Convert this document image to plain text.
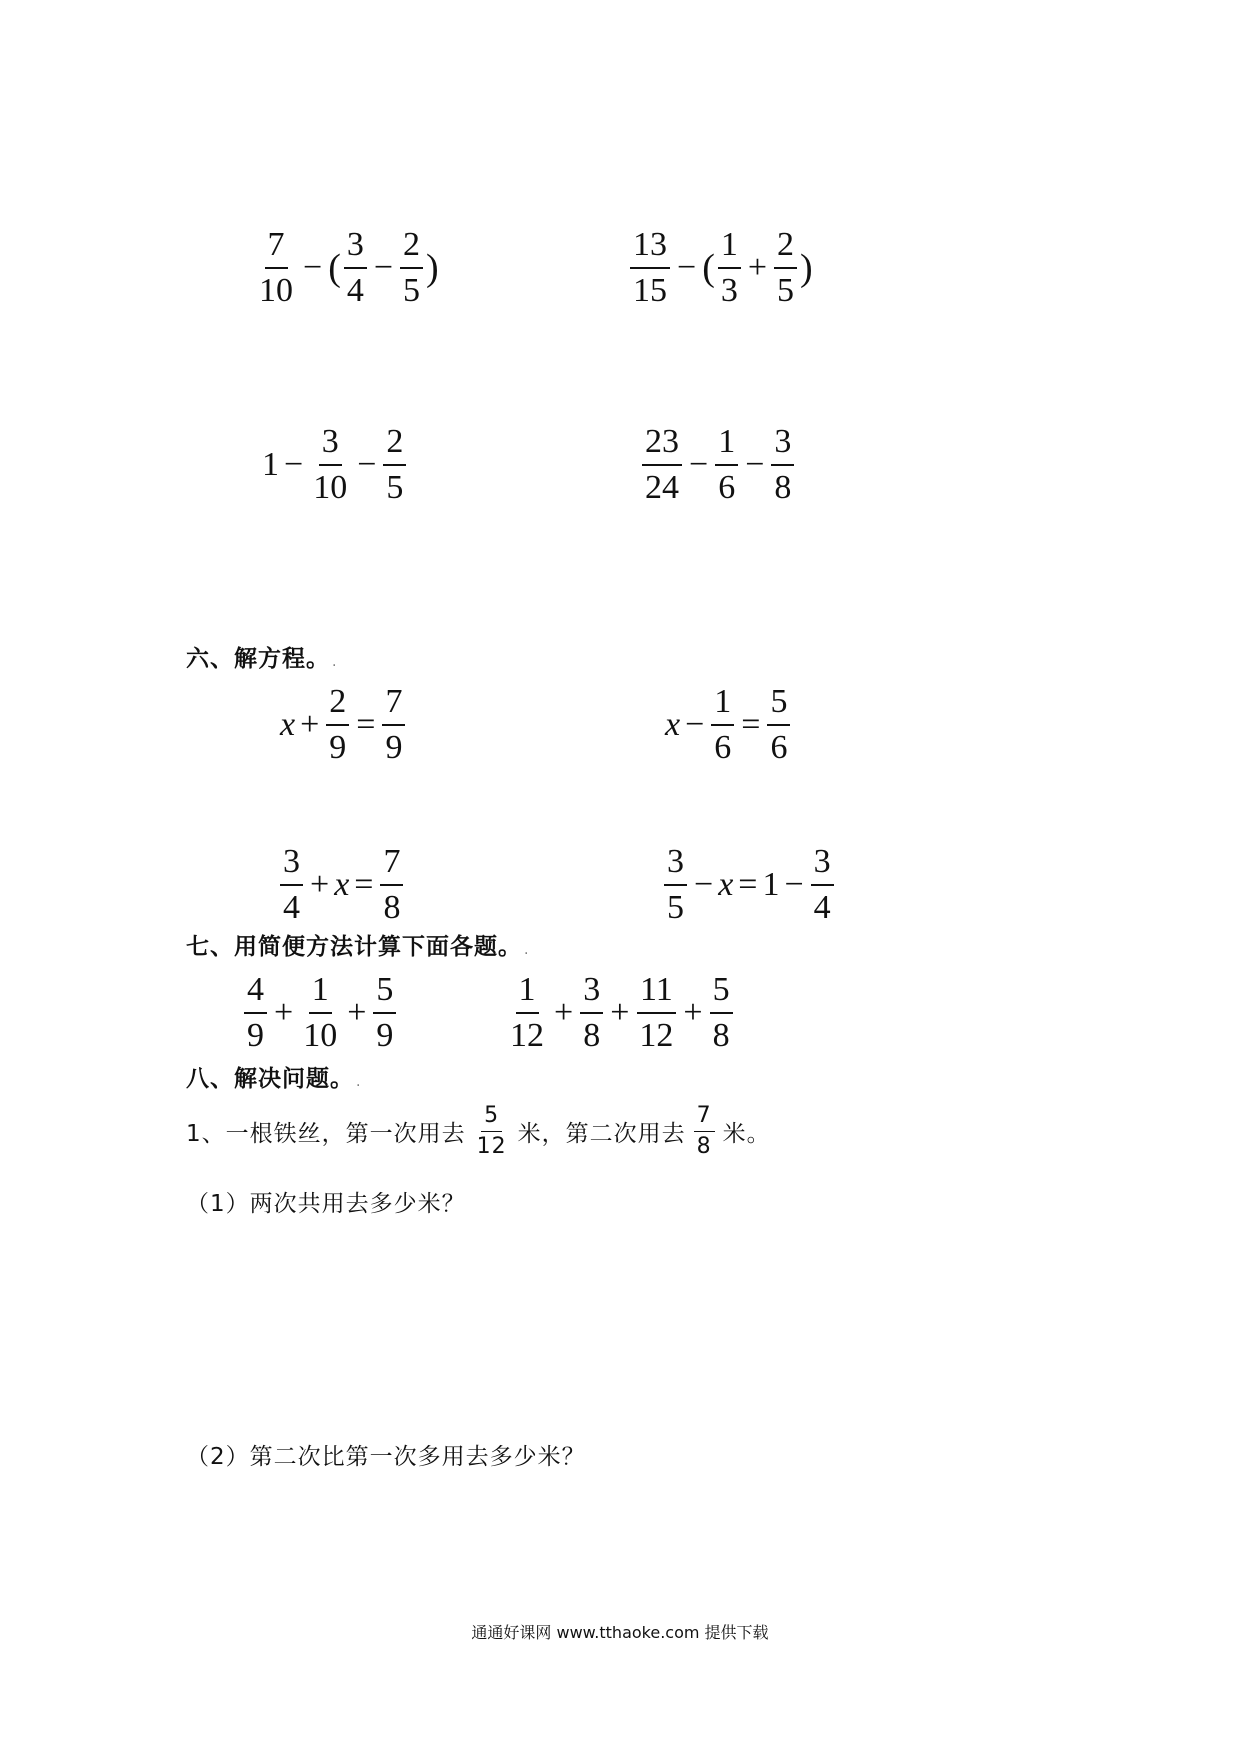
$\frac{7}{10}$ − ( $\frac{3}{4} - \frac{2}{5}$ )	$\frac{13}{15}$ − ( $\frac{1}{3} + \frac{2}{5}$ )
$1 - \frac{3}{10} - \frac{2}{5}$	$\frac{23}{24} - \frac{1}{6} - \frac{3}{8}$
六、解方程。 .
$x + \frac{2}{9} = \frac{7}{9}$	$x - \frac{1}{6} = \frac{5}{6}$
$\frac{3}{4} + x = \frac{7}{8}$	$\frac{3}{5} - x = 1 - \frac{3}{4}$
七、用简便方法计算下面各题。 .
$\frac{4}{9} + \frac{1}{10} + \frac{5}{9}$	$\frac{1}{12} + \frac{3}{8} + \frac{11}{12} + \frac{5}{8}$
八、解决问题。 .
1、一根铁丝，第一次用去 $\frac{5}{12}$ 米，第二次用去 $\frac{7}{8}$ 米。
（1）两次共用去多少米？
（2）第二次比第一次多用去多少米？
通通好课网 www.tthaoke.com 提供下载
